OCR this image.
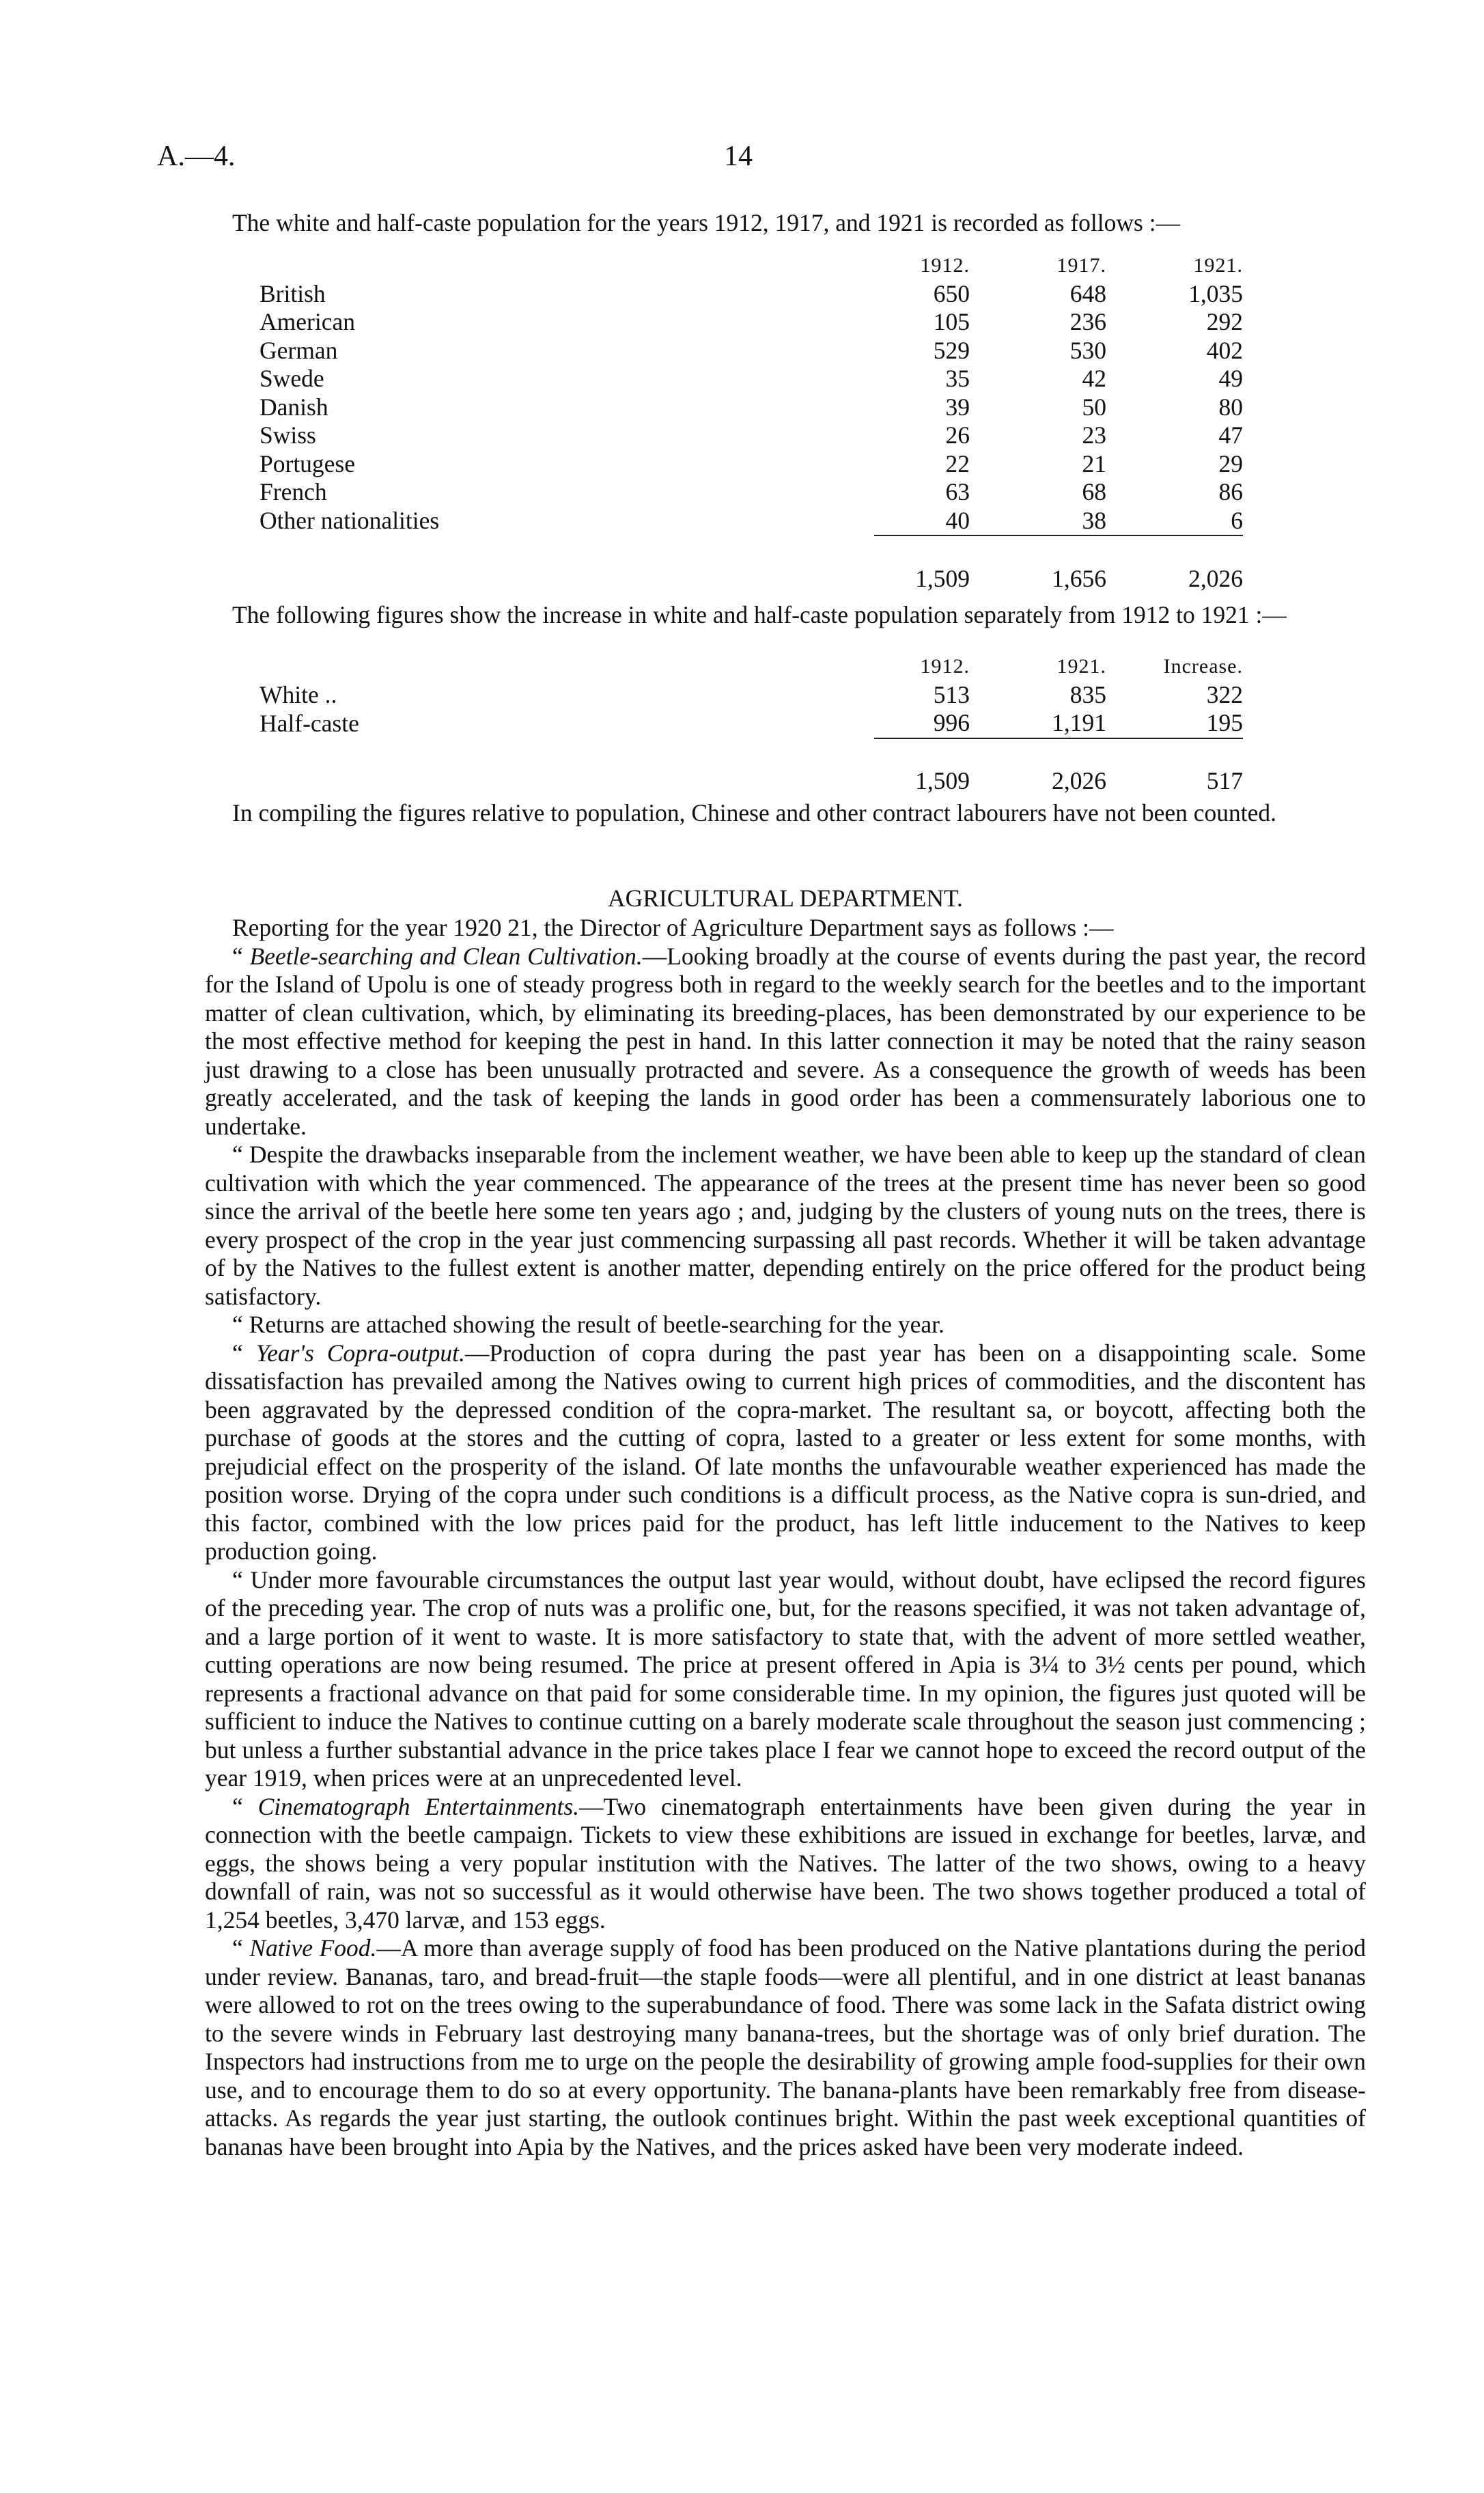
A.—4.	14

The white and half-caste population for the years 1912, 1917, and 1921 is recorded as follows :—

	1912.	1917.	1921.
British	650	648	1,035
American	105	236	292
German	529	530	402
Swede	35	42	49
Danish	39	50	80
Swiss	26	23	47
Portugese	22	21	29
French	63	68	86
Other nationalities	40	38	6

	1,509	1,656	2,026

The following figures show the increase in white and half-caste population separately from 1912 to 1921 :—

	1912.	1921.	Increase.
White ..	513	835	322
Half-caste	996	1,191	195

	1,509	2,026	517

In compiling the figures relative to population, Chinese and other contract labourers have not been counted.

AGRICULTURAL DEPARTMENT.

Reporting for the year 1920 21, the Director of Agriculture Department says as follows :—

“ Beetle-searching and Clean Cultivation.—Looking broadly at the course of events during the past year, the record for the Island of Upolu is one of steady progress both in regard to the weekly search for the beetles and to the important matter of clean cultivation, which, by eliminating its breeding-places, has been demonstrated by our experience to be the most effective method for keeping the pest in hand. In this latter connection it may be noted that the rainy season just drawing to a close has been unusually protracted and severe. As a consequence the growth of weeds has been greatly accelerated, and the task of keeping the lands in good order has been a commensurately laborious one to undertake.

“ Despite the drawbacks inseparable from the inclement weather, we have been able to keep up the standard of clean cultivation with which the year commenced. The appearance of the trees at the present time has never been so good since the arrival of the beetle here some ten years ago ; and, judging by the clusters of young nuts on the trees, there is every prospect of the crop in the year just commencing surpassing all past records. Whether it will be taken advantage of by the Natives to the fullest extent is another matter, depending entirely on the price offered for the product being satisfactory.

“ Returns are attached showing the result of beetle-searching for the year.

“ Year's Copra-output.—Production of copra during the past year has been on a disappointing scale. Some dissatisfaction has prevailed among the Natives owing to current high prices of commodities, and the discontent has been aggravated by the depressed condition of the copra-market. The resultant sa, or boycott, affecting both the purchase of goods at the stores and the cutting of copra, lasted to a greater or less extent for some months, with prejudicial effect on the prosperity of the island. Of late months the unfavourable weather experienced has made the position worse. Drying of the copra under such conditions is a difficult process, as the Native copra is sun-dried, and this factor, combined with the low prices paid for the product, has left little inducement to the Natives to keep production going.

“ Under more favourable circumstances the output last year would, without doubt, have eclipsed the record figures of the preceding year. The crop of nuts was a prolific one, but, for the reasons specified, it was not taken advantage of, and a large portion of it went to waste. It is more satisfactory to state that, with the advent of more settled weather, cutting operations are now being resumed. The price at present offered in Apia is 3¼ to 3½ cents per pound, which represents a fractional advance on that paid for some considerable time. In my opinion, the figures just quoted will be sufficient to induce the Natives to continue cutting on a barely moderate scale throughout the season just commencing ; but unless a further substantial advance in the price takes place I fear we cannot hope to exceed the record output of the year 1919, when prices were at an unprecedented level.

“ Cinematograph Entertainments.—Two cinematograph entertainments have been given during the year in connection with the beetle campaign. Tickets to view these exhibitions are issued in exchange for beetles, larvæ, and eggs, the shows being a very popular institution with the Natives. The latter of the two shows, owing to a heavy downfall of rain, was not so successful as it would otherwise have been. The two shows together produced a total of 1,254 beetles, 3,470 larvæ, and 153 eggs.

“ Native Food.—A more than average supply of food has been produced on the Native plantations during the period under review. Bananas, taro, and bread-fruit—the staple foods—were all plentiful, and in one district at least bananas were allowed to rot on the trees owing to the superabundance of food. There was some lack in the Safata district owing to the severe winds in February last destroying many banana-trees, but the shortage was of only brief duration. The Inspectors had instructions from me to urge on the people the desirability of growing ample food-supplies for their own use, and to encourage them to do so at every opportunity. The banana-plants have been remarkably free from disease-attacks. As regards the year just starting, the outlook continues bright. Within the past week exceptional quantities of bananas have been brought into Apia by the Natives, and the prices asked have been very moderate indeed.
